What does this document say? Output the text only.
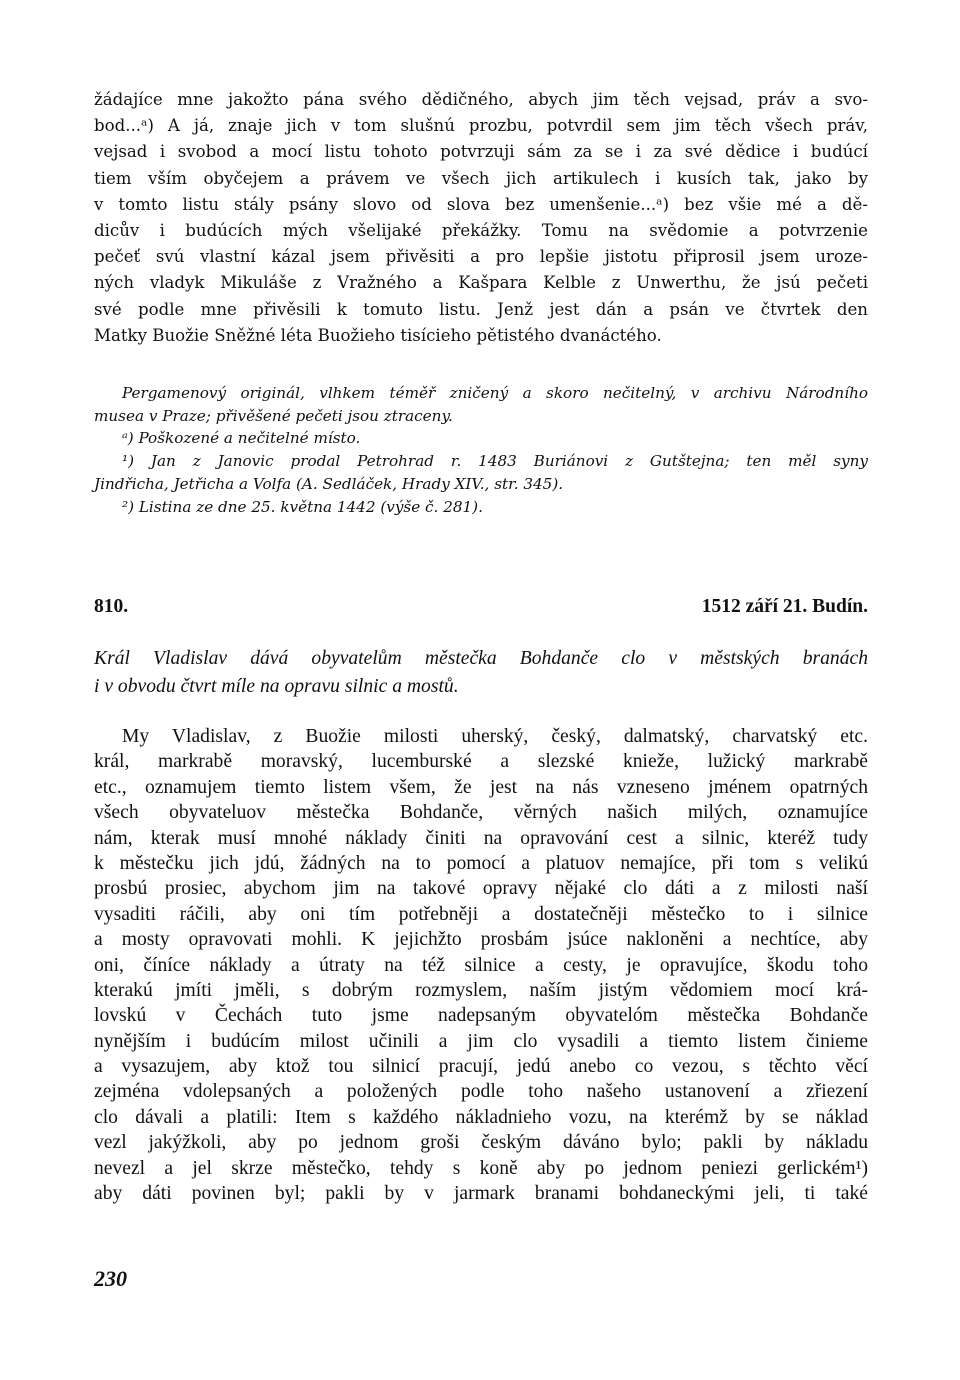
žádajíce mne jakožto pána svého dědičného, abych jim těch vejsad, práv a svo-
bod...ᵃ) A já, znaje jich v tom slušnú prozbu, potvrdil sem jim těch všech práv,
vejsad i svobod a mocí listu tohoto potvrzuji sám za se i za své dědice i budúcí
tiem vším obyčejem a právem ve všech jich artikulech i kusích tak, jako by
v tomto listu stály psány slovo od slova bez umenšenie...ᵃ) bez všie mé a dě-
dicův i budúcích mých všelijaké překážky. Tomu na svědomie a potvrzenie
pečeť svú vlastní kázal jsem přivěsiti a pro lepšie jistotu připrosil jsem uroze-
ných vladyk Mikuláše z Vražného a Kašpara Kelble z Unwerthu, že jsú pečeti
své podle mne přivěsili k tomuto listu. Jenž jest dán a psán ve čtvrtek den
Matky Buožie Sněžné léta Buožieho tisícieho pětistého dvanáctého.
Pergamenový originál, vlhkem téměř zničený a skoro nečitelný, v archivu Národního
musea v Praze; přivěšené pečeti jsou ztraceny.
ᵃ) Poškozené a nečitelné místo.
¹) Jan z Janovic prodal Petrohrad r. 1483 Buriánovi z Gutštejna; ten měl syny
Jindřicha, Jetřicha a Volfa (A. Sedláček, Hrady XIV., str. 345).
²) Listina ze dne 25. května 1442 (výše č. 281).
810.	1512 září 21. Budín.
Král Vladislav dává obyvatelům městečka Bohdanče clo v městských branách
i v obvodu čtvrt míle na opravu silnic a mostů.
My Vladislav, z Buožie milosti uherský, český, dalmatský, charvatský etc.
král, markrabě moravský, lucemburské a slezské knieže, lužický markrabě
etc., oznamujem tiemto listem všem, že jest na nás vzneseno jménem opatrných
všech obyvateluov městečka Bohdanče, věrných našich milých, oznamujíce
nám, kterak musí mnohé náklady činiti na opravování cest a silnic, kteréž tudy
k městečku jich jdú, žádných na to pomocí a platuov nemajíce, při tom s velikú
prosbú prosiec, abychom jim na takové opravy nějaké clo dáti a z milosti naší
vysaditi ráčili, aby oni tím potřebněji a dostatečněji městečko to i silnice
a mosty opravovati mohli. K jejichžto prosbám jsúce nakloněni a nechtíce, aby
oni, číníce náklady a útraty na též silnice a cesty, je opravujíce, škodu toho
kterakú jmíti jměli, s dobrým rozmyslem, naším jistým vědomiem mocí krá-
lovskú v Čechách tuto jsme nadepsaným obyvatelóm městečka Bohdanče
nynějším i budúcím milost učinili a jim clo vysadili a tiemto listem činieme
a vysazujem, aby ktož tou silnicí pracují, jedú anebo co vezou, s těchto věcí
zejména vdolepsaných a položených podle toho našeho ustanovení a zřiezení
clo dávali a platili: Item s každého nákladnieho vozu, na kterémž by se náklad
vezl jakýžkoli, aby po jednom groši českým dáváno bylo; pakli by nákladu
nevezl a jel skrze městečko, tehdy s koně aby po jednom peniezi gerlickém¹)
aby dáti povinen byl; pakli by v jarmark branami bohdaneckými jeli, ti také
230
